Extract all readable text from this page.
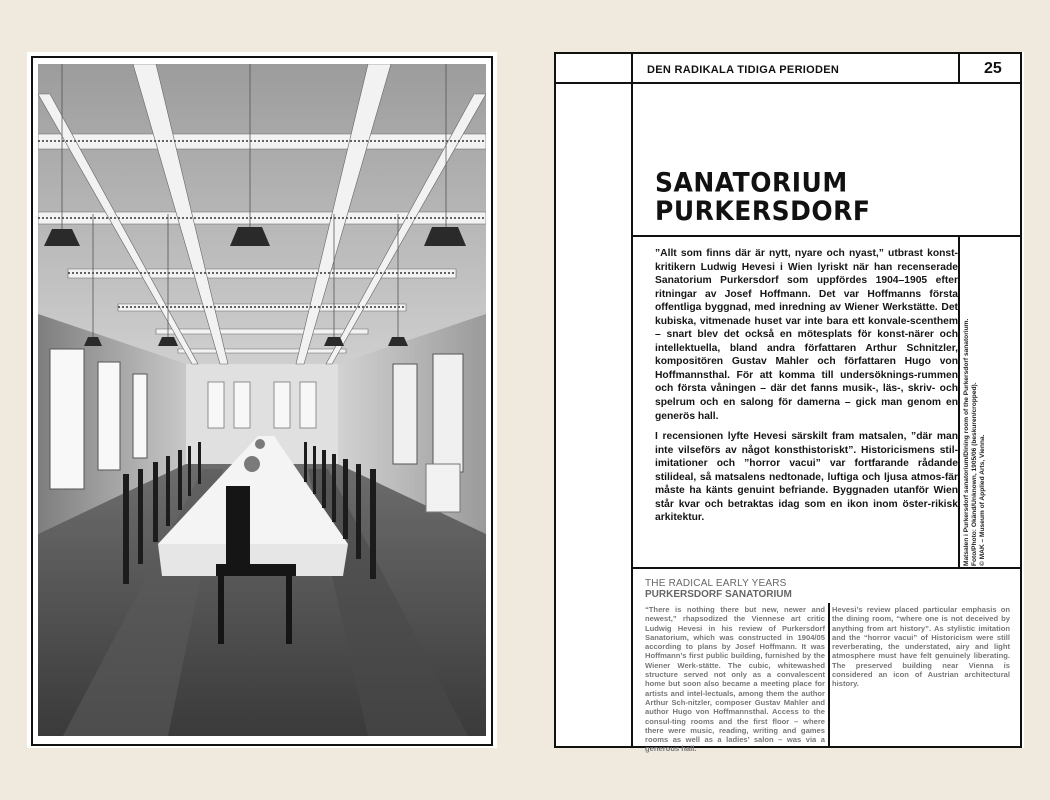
DEN RADIKALA TIDIGA PERIODEN	25
SANATORIUM
PURKERSDORF

”Allt som finns där är nytt, nyare och nyast,” utbrast konst-kritikern Ludwig Hevesi i Wien lyriskt när han recenserade Sanatorium Purkersdorf som uppfördes 1904–1905 efter ritningar av Josef Hoffmann. Det var Hoffmanns första offentliga byggnad, med inredning av Wiener Werkstätte. Det kubiska, vitmenade huset var inte bara ett konvale-scenthem – snart blev det också en mötesplats för konst-närer och intellektuella, bland andra författaren Arthur Schnitzler, kompositören Gustav Mahler och författaren Hugo von Hoffmannsthal. För att komma till undersöknings-rummen och första våningen – där det fanns musik-, läs-, skriv- och spelrum och en salong för damerna – gick man genom en generös hall.

I recensionen lyfte Hevesi särskilt fram matsalen, ”där man inte vilseförs av något konsthistoriskt”. Historicismens stil-imitationer och ”horror vacui” var fortfarande rådande stilideal, så matsalens nedtonade, luftiga och ljusa atmos-fär måste ha känts genuint befriande. Byggnaden utanför Wien står kvar och betraktas idag som en ikon inom öster-rikisk arkitektur.	Matsalen i Purkersdorf sanatorium/Dining room of the Purkersdorf sanatorium. Foto/Photo: Okänd/Unknown, 1905/06 (beskuren/cropped). © MAK – Museum of Applied Arts, Vienna.
THE RADICAL EARLY YEARS
PURKERSDORF SANATORIUM

“There is nothing there but new, newer and newest,” rhapsodized the Viennese art critic Ludwig Hevesi in his review of Purkersdorf Sanatorium, which was constructed in 1904/05 according to plans by Josef Hoffmann. It was Hoffmann’s first public building, furnished by the Wiener Werk-stätte. The cubic, whitewashed structure served not only as a convalescent home but soon also became a meeting place for artists and intel-lectuals, among them the author Arthur Sch-nitzler, composer Gustav Mahler and author Hugo von Hoffmannsthal. Access to the consul-ting rooms and the first floor – where there were music, reading, writing and games rooms as well as a ladies’ salon – was via a generous hall.

Hevesi’s review placed particular emphasis on the dining room, “where one is not deceived by anything from art history”. As stylistic imitation and the “horror vacui” of Historicism were still reverberating, the understated, airy and light atmosphere must have felt genuinely liberating. The preserved building near Vienna is considered an icon of Austrian architectural history.
